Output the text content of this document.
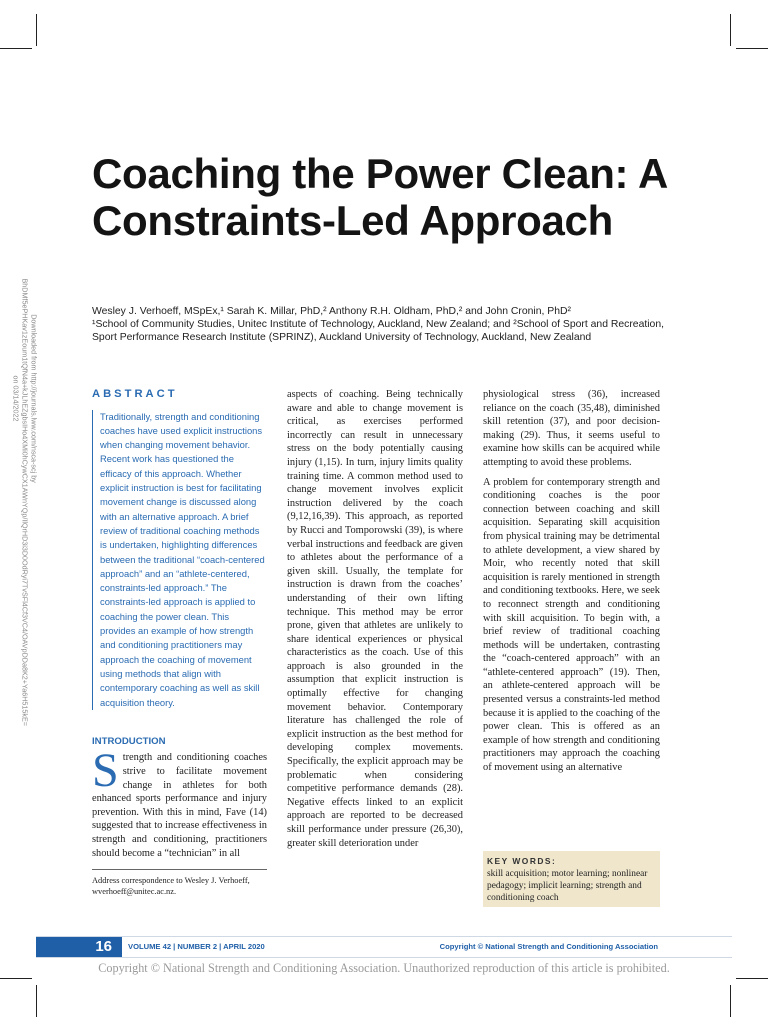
Downloaded from http://journals.lww.com/nsca-scj by BhDMf5ePHKav1zEoum1tQfN4a+kJLhEZgbsIHo4XMi0hCywCX1AWnYQp/IlQrHD3i3D0OdRyi7TvSFl4Cf3VC4/OAVpDDa8K2+Ya6H515kE= on 03/14/2022
Coaching the Power Clean: A Constraints-Led Approach

Wesley J. Verhoeff, MSpEx,¹ Sarah K. Millar, PhD,² Anthony R.H. Oldham, PhD,² and John Cronin, PhD²

¹School of Community Studies, Unitec Institute of Technology, Auckland, New Zealand; and ²School of Sport and Recreation, Sport Performance Research Institute (SPRINZ), Auckland University of Technology, Auckland, New Zealand

ABSTRACT
Traditionally, strength and conditioning coaches have used explicit instructions when changing movement behavior. Recent work has questioned the efficacy of this approach. Whether explicit instruction is best for facilitating movement change is discussed along with an alternative approach. A brief review of traditional coaching methods is undertaken, highlighting differences between the traditional “coach-centered approach” and an “athlete-centered, constraints-led approach.” The constraints-led approach is applied to coaching the power clean. This provides an example of how strength and conditioning practitioners may approach the coaching of movement using methods that align with contemporary coaching as well as skill acquisition theory.
INTRODUCTION
Strength and conditioning coaches strive to facilitate movement change in athletes for both enhanced sports performance and injury prevention. With this in mind, Fave (14) suggested that to increase effectiveness in strength and conditioning, practitioners should become a “technician” in all
Address correspondence to Wesley J. Verhoeff, wverhoeff@unitec.ac.nz.

aspects of coaching. Being technically aware and able to change movement is critical, as exercises performed incorrectly can result in unnecessary stress on the body potentially causing injury (1,15). In turn, injury limits quality training time. A common method used to change movement involves explicit instruction delivered by the coach (9,12,16,39). This approach, as reported by Rucci and Tomporowski (39), is where verbal instructions and feedback are given to athletes about the performance of a given skill. Usually, the template for instruction is drawn from the coaches’ understanding of their own lifting technique. This method may be error prone, given that athletes are unlikely to share identical experiences or physical characteristics as the coach. Use of this approach is also grounded in the assumption that explicit instruction is optimally effective for changing movement behavior. Contemporary literature has challenged the role of explicit instruction as the best method for developing complex movements. Specifically, the explicit approach may be problematic when considering competitive performance demands (28). Negative effects linked to an explicit approach are reported to be decreased skill performance under pressure (26,30), greater skill deterioration under

physiological stress (36), increased reliance on the coach (35,48), diminished skill retention (37), and poor decision-making (29). Thus, it seems useful to examine how skills can be acquired while attempting to avoid these problems.

A problem for contemporary strength and conditioning coaches is the poor connection between coaching and skill acquisition. Separating skill acquisition from physical training may be detrimental to athlete development, a view shared by Moir, who recently noted that skill acquisition is rarely mentioned in strength and conditioning textbooks. Here, we seek to reconnect strength and conditioning with skill acquisition. To begin with, a brief review of traditional coaching methods will be undertaken, contrasting the “coach-centered approach” with an “athlete-centered approach” (19). Then, an athlete-centered approach will be presented versus a constraints-led method because it is applied to the coaching of the power clean. This is offered as an example of how strength and conditioning practitioners may approach the coaching of movement using an alternative

KEY WORDS:
skill acquisition; motor learning; nonlinear pedagogy; implicit learning; strength and conditioning coach
16	VOLUME 42 | NUMBER 2 | APRIL 2020	Copyright © National Strength and Conditioning Association
Copyright © National Strength and Conditioning Association. Unauthorized reproduction of this article is prohibited.
